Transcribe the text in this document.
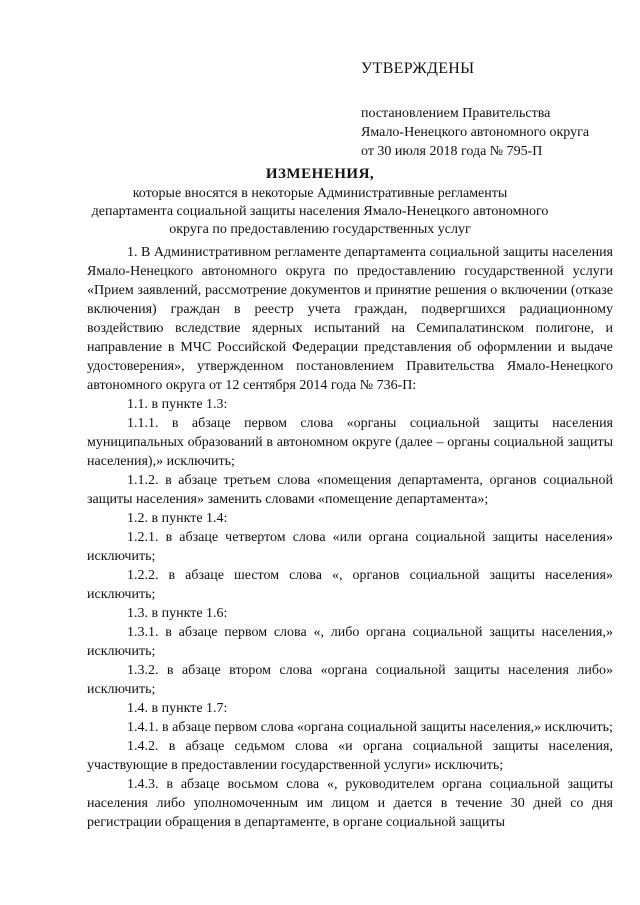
УТВЕРЖДЕНЫ
постановлением Правительства
Ямало-Ненецкого автономного округа
от 30 июля 2018 года № 795-П
ИЗМЕНЕНИЯ,
которые вносятся в некоторые Административные регламенты
департамента социальной защиты населения Ямало-Ненецкого автономного
округа по предоставлению государственных услуг

1. В Административном регламенте департамента социальной защиты населения Ямало-Ненецкого автономного округа по предоставлению государственной услуги «Прием заявлений, рассмотрение документов и принятие решения о включении (отказе включения) граждан в реестр учета граждан, подвергшихся радиационному воздействию вследствие ядерных испытаний на Семипалатинском полигоне, и направление в МЧС Российской Федерации представления об оформлении и выдаче удостоверения», утвержденном постановлением Правительства Ямало-Ненецкого автономного округа от 12 сентября 2014 года № 736-П:

1.1. в пункте 1.3:

1.1.1. в абзаце первом слова «органы социальной защиты населения муниципальных образований в автономном округе (далее – органы социальной защиты населения),» исключить;

1.1.2. в абзаце третьем слова «помещения департамента, органов социальной защиты населения» заменить словами «помещение департамента»;

1.2. в пункте 1.4:

1.2.1. в абзаце четвертом слова «или органа социальной защиты населения» исключить;

1.2.2. в абзаце шестом слова «, органов социальной защиты населения» исключить;

1.3. в пункте 1.6:

1.3.1. в абзаце первом слова «, либо органа социальной защиты населения,» исключить;

1.3.2. в абзаце втором слова «органа социальной защиты населения либо» исключить;

1.4. в пункте 1.7:

1.4.1. в абзаце первом слова «органа социальной защиты населения,» исключить;

1.4.2. в абзаце седьмом слова «и органа социальной защиты населения, участвующие в предоставлении государственной услуги» исключить;

1.4.3. в абзаце восьмом слова «, руководителем органа социальной защиты населения либо уполномоченным им лицом и дается в течение 30 дней со дня регистрации обращения в департаменте, в органе социальной защиты
